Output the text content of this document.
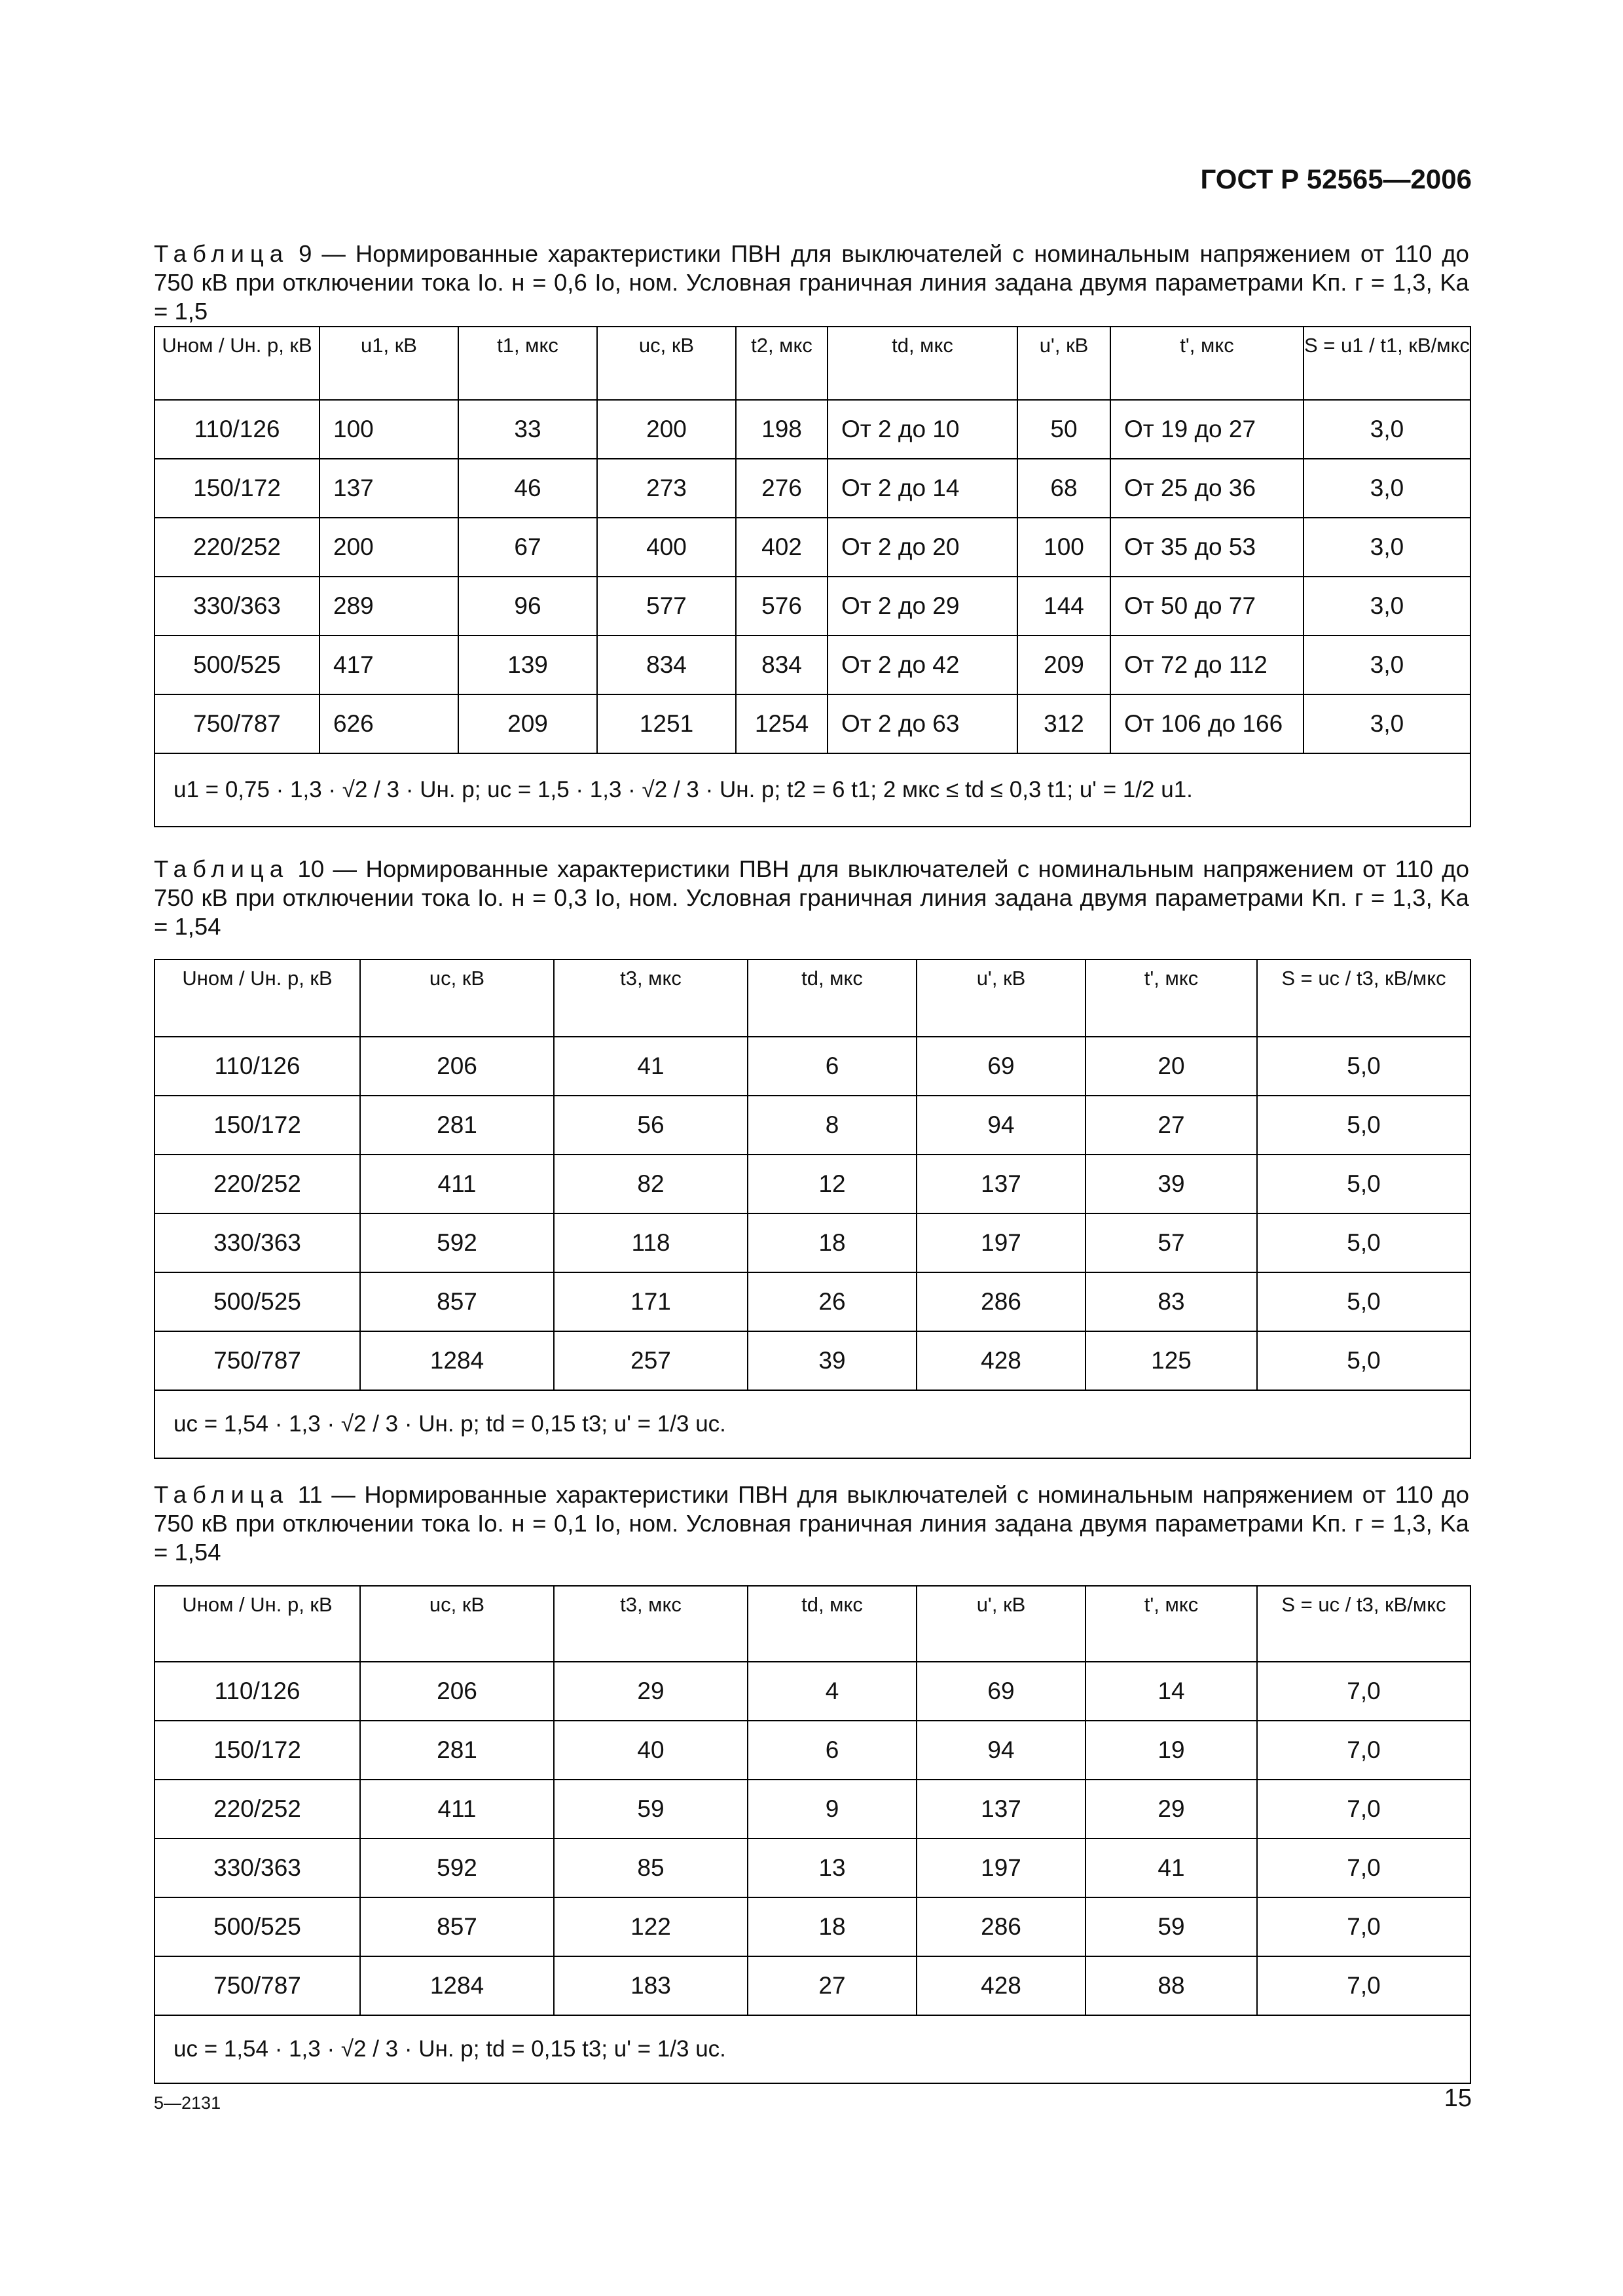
ГОСТ Р 52565—2006
Таблица 9 — Нормированные характеристики ПВН для выключателей с номинальным напряжением от 110 до 750 кВ при отключении тока Iо. н = 0,6 Iо, ном. Условная граничная линия задана двумя параметрами Kп. г = 1,3, Ka = 1,5
Uном / Uн. р, кВ	u1, кВ	t1, мкс	uc, кВ	t2, мкс	td, мкс	u', кВ	t', мкс	S = u1 / t1, кВ/мкс
110/126	100	33	200	198	От 2 до 10	50	От 19 до 27	3,0
150/172	137	46	273	276	От 2 до 14	68	От 25 до 36	3,0
220/252	200	67	400	402	От 2 до 20	100	От 35 до 53	3,0
330/363	289	96	577	576	От 2 до 29	144	От 50 до 77	3,0
500/525	417	139	834	834	От 2 до 42	209	От 72 до 112	3,0
750/787	626	209	1251	1254	От 2 до 63	312	От 106 до 166	3,0
u1 = 0,75 · 1,3 · √2 / 3 · Uн. р; uc = 1,5 · 1,3 · √2 / 3 · Uн. р; t2 = 6 t1; 2 мкс ≤ td ≤ 0,3 t1; u' = 1/2 u1.								
Таблица 10 — Нормированные характеристики ПВН для выключателей с номинальным напряжением от 110 до 750 кВ при отключении тока Iо. н = 0,3 Iо, ном. Условная граничная линия задана двумя параметрами Kп. г = 1,3, Ka = 1,54
Uном / Uн. р, кВ	uc, кВ	t3, мкс	td, мкс	u', кВ	t', мкс	S = uc / t3, кВ/мкс
110/126	206	41	6	69	20	5,0
150/172	281	56	8	94	27	5,0
220/252	411	82	12	137	39	5,0
330/363	592	118	18	197	57	5,0
500/525	857	171	26	286	83	5,0
750/787	1284	257	39	428	125	5,0
uc = 1,54 · 1,3 · √2 / 3 · Uн. р; td = 0,15 t3; u' = 1/3 uc.						
Таблица 11 — Нормированные характеристики ПВН для выключателей с номинальным напряжением от 110 до 750 кВ при отключении тока Iо. н = 0,1 Iо, ном. Условная граничная линия задана двумя параметрами Kп. г = 1,3, Ka = 1,54
Uном / Uн. р, кВ	uc, кВ	t3, мкс	td, мкс	u', кВ	t', мкс	S = uc / t3, кВ/мкс
110/126	206	29	4	69	14	7,0
150/172	281	40	6	94	19	7,0
220/252	411	59	9	137	29	7,0
330/363	592	85	13	197	41	7,0
500/525	857	122	18	286	59	7,0
750/787	1284	183	27	428	88	7,0
uc = 1,54 · 1,3 · √2 / 3 · Uн. р; td = 0,15 t3; u' = 1/3 uc.						
5—2131	15
